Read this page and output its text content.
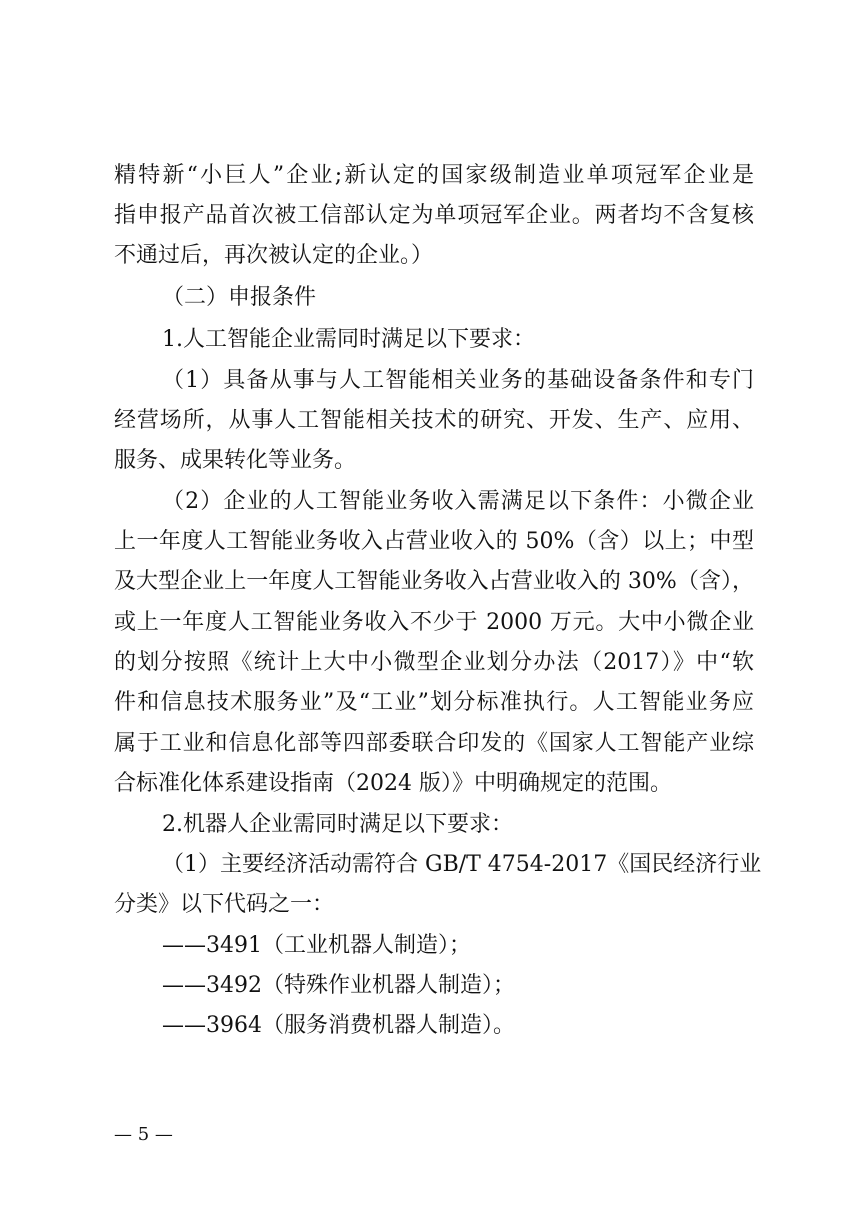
精特新“小巨人”企业;新认定的国家级制造业单项冠军企业是
指申报产品首次被工信部认定为单项冠军企业。两者均不含复核
不通过后，再次被认定的企业。）
（二）申报条件
1.人工智能企业需同时满足以下要求：
（1）具备从事与人工智能相关业务的基础设备条件和专门
经营场所，从事人工智能相关技术的研究、开发、生产、应用、
服务、成果转化等业务。
（2）企业的人工智能业务收入需满足以下条件：小微企业
上一年度人工智能业务收入占营业收入的 50%（含）以上；中型
及大型企业上一年度人工智能业务收入占营业收入的 30%（含），
或上一年度人工智能业务收入不少于 2000 万元。大中小微企业
的划分按照《统计上大中小微型企业划分办法（2017）》中“软
件和信息技术服务业”及“工业”划分标准执行。人工智能业务应
属于工业和信息化部等四部委联合印发的《国家人工智能产业综
合标准化体系建设指南（2024 版）》中明确规定的范围。
2.机器人企业需同时满足以下要求：
（1）主要经济活动需符合 GB/T 4754-2017《国民经济行业
分类》以下代码之一：
——3491（工业机器人制造）；
——3492（特殊作业机器人制造）；
——3964（服务消费机器人制造）。
— 5 —
